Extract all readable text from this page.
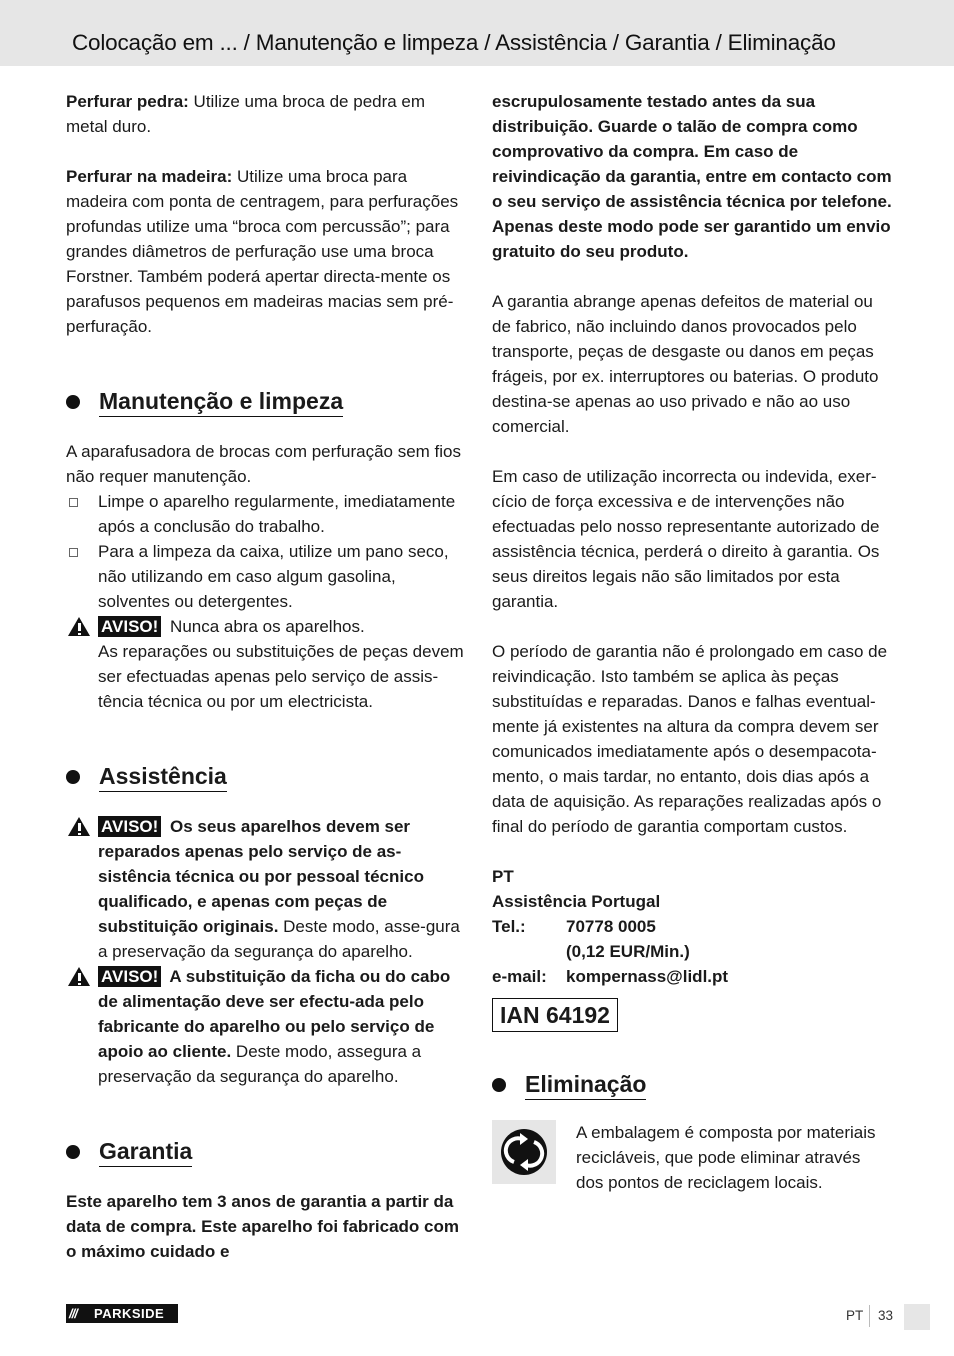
Colocação em ... / Manutenção e limpeza / Assistência / Garantia / Eliminação

Perfurar pedra: Utilize uma broca de pedra em metal duro.

Perfurar na madeira: Utilize uma broca para madeira com ponta de centragem, para perfurações profundas utilize uma “broca com percussão”; para grandes diâmetros de perfuração use uma broca Forstner. Também poderá apertar directa-mente os parafusos pequenos em madeiras macias sem pré-perfuração.

Manutenção e limpeza

A aparafusadora de brocas com perfuração sem fios não requer manutenção.

Limpe o aparelho regularmente, imediatamente após a conclusão do trabalho.
Para a limpeza da caixa, utilize um pano seco, não utilizando em caso algum gasolina, solventes ou detergentes.
AVISO! Nunca abra os aparelhos.
As reparações ou substituições de peças devem ser efectuadas apenas pelo serviço de assis-tência técnica ou por um electricista.
Assistência
AVISO! Os seus aparelhos devem ser reparados apenas pelo serviço de as-sistência técnica ou por pessoal técnico qualificado, e apenas com peças de substituição originais. Deste modo, asse-gura a preservação da segurança do aparelho.
AVISO! A substituição da ficha ou do cabo de alimentação deve ser efectu-ada pelo fabricante do aparelho ou pelo serviço de apoio ao cliente. Deste modo, assegura a preservação da segurança do aparelho.
Garantia

Este aparelho tem 3 anos de garantia a partir da data de compra. Este aparelho foi fabricado com o máximo cuidado e

escrupulosamente testado antes da sua distribuição. Guarde o talão de compra como comprovativo da compra. Em caso de reivindicação da garantia, entre em contacto com o seu serviço de assistência técnica por telefone. Apenas deste modo pode ser garantido um envio gratuito do seu produto.

A garantia abrange apenas defeitos de material ou de fabrico, não incluindo danos provocados pelo transporte, peças de desgaste ou danos em peças frágeis, por ex. interruptores ou baterias. O produto destina-se apenas ao uso privado e não ao uso comercial.

Em caso de utilização incorrecta ou indevida, exer-cício de força excessiva e de intervenções não efectuadas pelo nosso representante autorizado de assistência técnica, perderá o direito à garantia. Os seus direitos legais não são limitados por esta garantia.

O período de garantia não é prolongado em caso de reivindicação. Isto também se aplica às peças substituídas e reparadas. Danos e falhas eventual-mente já existentes na altura da compra devem ser comunicados imediatamente após o desempacota-mento, o mais tardar, no entanto, dois dias após a data de aquisição. As reparações realizadas após o final do período de garantia comportam custos.

PT	
Assistência Portugal	
Tel.:	70778 0005
	(0,12 EUR/Min.)
e-mail:	kompernass@lidl.pt
IAN 64192
Eliminação

A embalagem é composta por materiais recicláveis, que pode eliminar através dos pontos de reciclagem locais.

/// PARKSIDE	PT 33
